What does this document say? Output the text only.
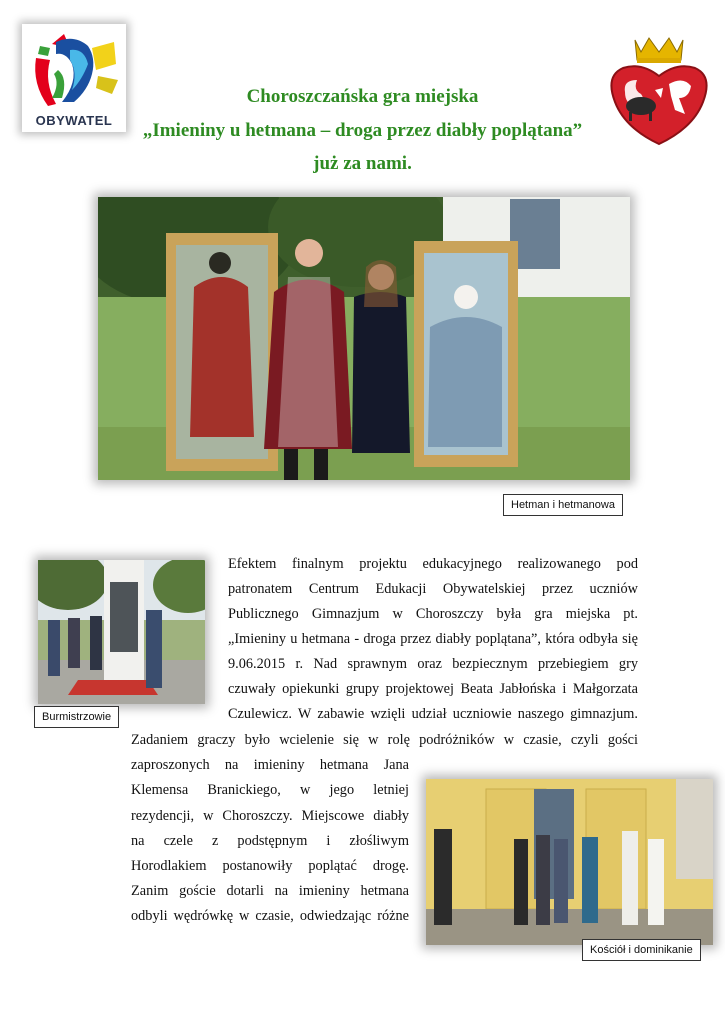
OBYWATEL
Choroszczańska gra miejska
„Imieniny u hetmana – droga przez diabły poplątana”
już za nami.
Hetman i hetmanowa
Burmistrzowie
Kościół i dominikanie
Efektem finalnym projektu edukacyjnego realizowanego pod
patronatem Centrum Edukacji Obywatelskiej przez uczniów
Publicznego Gimnazjum w Choroszczy była gra miejska pt.
„Imieniny u hetmana - droga przez diabły poplątana”, która odbyła się
9.06.2015 r. Nad sprawnym oraz bezpiecznym przebiegiem gry
czuwały opiekunki grupy projektowej Beata Jabłońska i Małgorzata
Czulewicz. W zabawie wzięli udział uczniowie naszego gimnazjum.
Zadaniem graczy było wcielenie się w rolę podróżników w czasie, czyli gości
zaproszonych na imieniny hetmana Jana
Klemensa Branickiego, w jego letniej
rezydencji, w Choroszczy. Miejscowe diabły
na czele z podstępnym i złośliwym
Horodlakiem postanowiły poplątać drogę.
Zanim goście dotarli na imieniny hetmana
odbyli wędrówkę w czasie, odwiedzając różne
